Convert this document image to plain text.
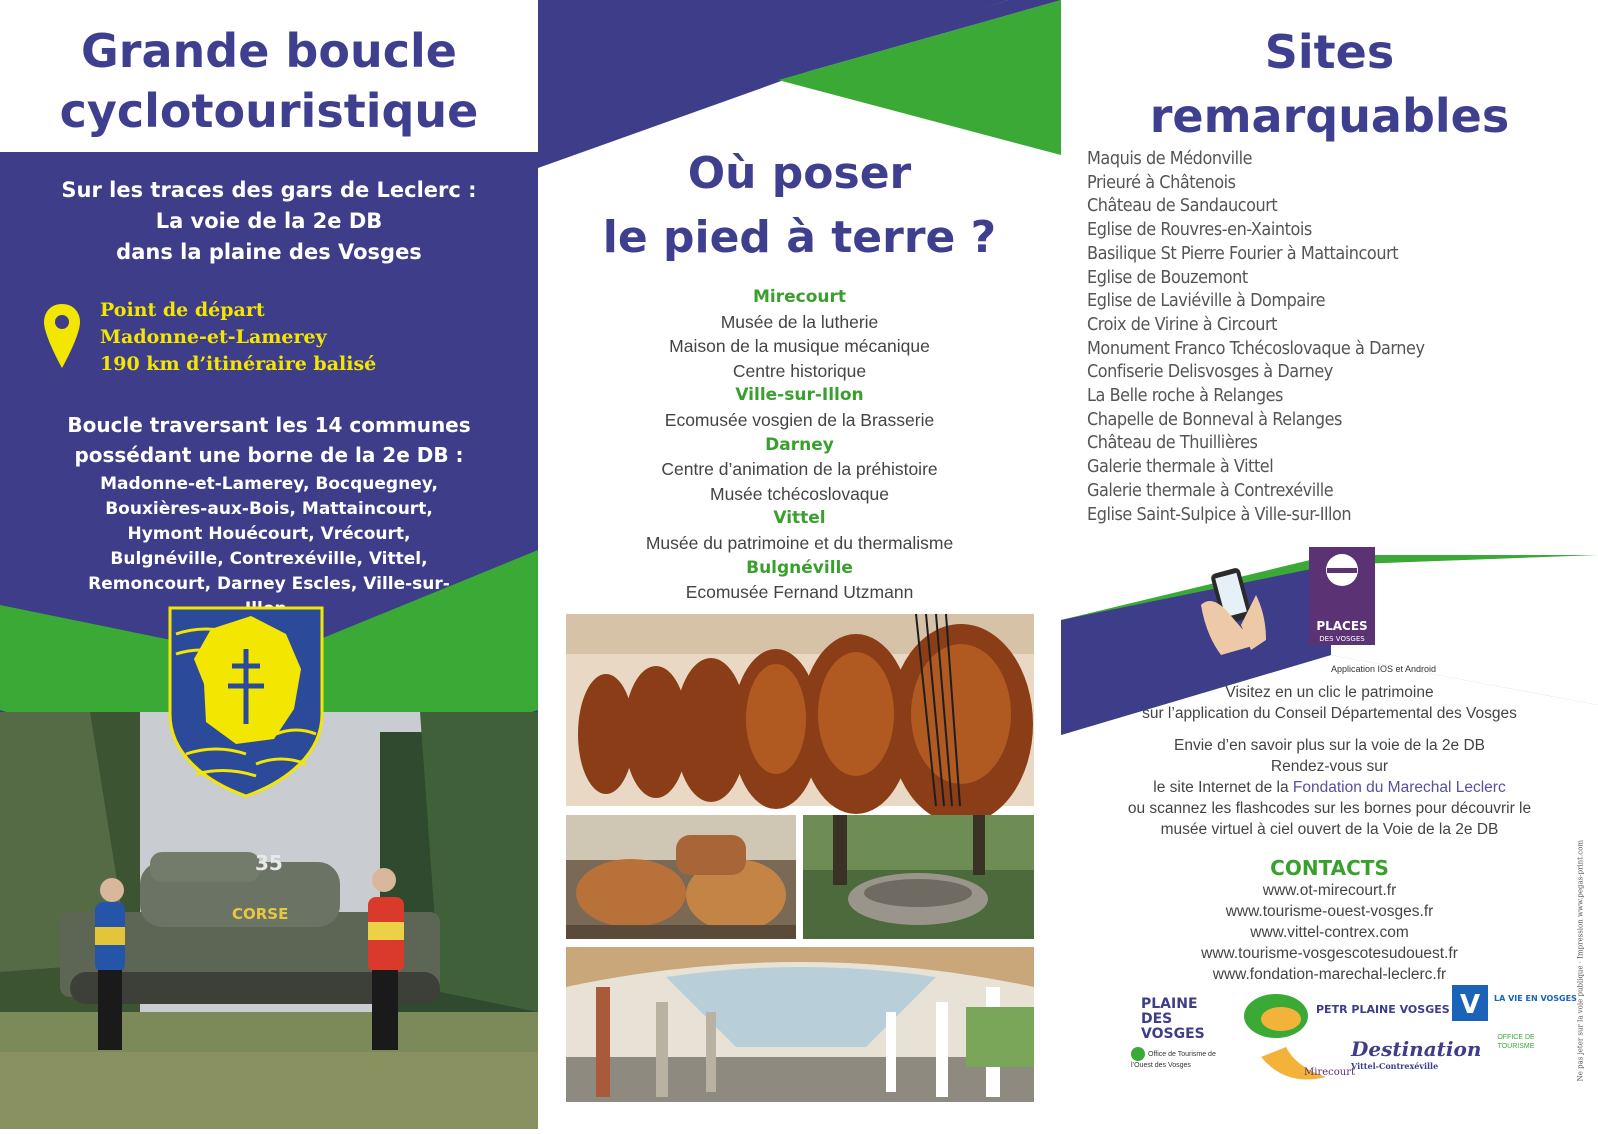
Grande boucle
cyclotouristique
Sur les traces des gars de Leclerc :
La voie de la 2e DB
dans la plaine des Vosges
Point de départ
Madonne-et-Lamerey
190 km d’itinéraire balisé
Boucle traversant les 14 communes
possédant une borne de la 2e DB :
Madonne-et-Lamerey, Bocquegney, Bouxières-aux-Bois, Mattaincourt, Hymont Houécourt, Vrécourt, Bulgnéville, Contrexéville, Vittel, Remoncourt, Darney Escles, Ville-sur-
35
CORSE
Où poser
le pied à terre ?
Mirecourt
Musée de la lutherie
Maison de la musique mécanique
Centre historique
Ville-sur-Illon
Ecomusée vosgien de la Brasserie
Darney
Centre d’animation de la préhistoire
Musée tchécoslovaque
Vittel
Musée du patrimoine et du thermalisme
Bulgnéville
Ecomusée Fernand Utzmann
Sites
remarquables
Maquis de Médonville
Prieuré à Châtenois
Château de Sandaucourt
Eglise de Rouvres-en-Xaintois
Basilique St Pierre Fourier à Mattaincourt
Eglise de Bouzemont
Eglise de Laviéville à Dompaire
Croix de Virine à Circourt
Monument Franco Tchécoslovaque à Darney
Confiserie Delisvosges à Darney
La Belle roche à Relanges
Chapelle de Bonneval à Relanges
Château de Thuillières
Galerie thermale à Vittel
Galerie thermale à Contrexéville
Eglise Saint-Sulpice à Ville-sur-Illon
PLACES
DES VOSGES
Application IOS et Android
Visitez en un clic le patrimoine
sur l’application du Conseil Départemental des Vosges
Envie d’en savoir plus sur la voie de la 2e DB
Rendez-vous sur
le site Internet de la Fondation du Marechal Leclerc
ou scannez les flashcodes sur les bornes pour découvrir le
musée virtuel à ciel ouvert de la Voie de la 2e DB
CONTACTS
www.ot-mirecourt.fr
www.tourisme-ouest-vosges.fr
www.vittel-contrex.com
www.tourisme-vosgescotesudouest.fr
www.fondation-marechal-leclerc.fr
PLAINE DES VOSGES
PETR PLAINE VOSGES V LA VIE EN VOSGES
Office de Tourisme de l’Ouest des Vosges
Mirecourt
Destination
Vittel-Contrexéville
OFFICE DE TOURISME	Ne pas jeter sur la voie publique · Impression www.pegas-print.com
